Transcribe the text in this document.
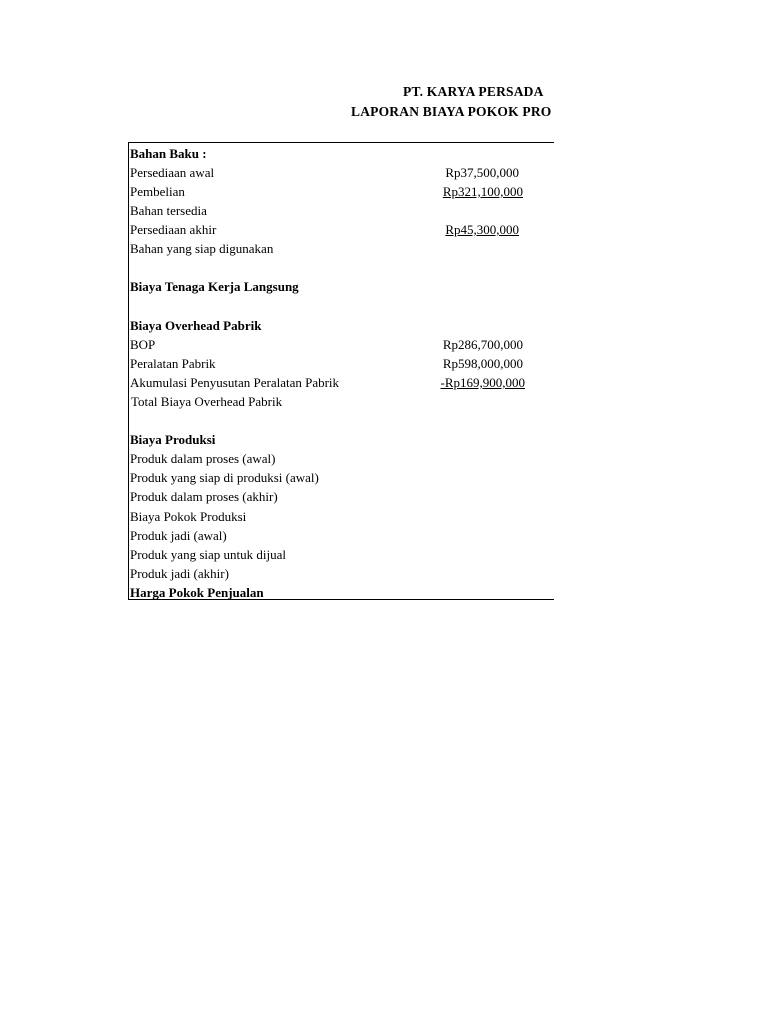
PT. KARYA PERSADA
LAPORAN BIAYA POKOK PRO
Bahan Baku :
Persediaan awal	Rp37,500,000
Pembelian	Rp321,100,000
Bahan tersedia
Persediaan akhir	Rp45,300,000
Bahan yang siap digunakan
Biaya Tenaga Kerja Langsung
Biaya Overhead Pabrik
BOP	Rp286,700,000
Peralatan Pabrik	Rp598,000,000
Akumulasi Penyusutan Peralatan Pabrik	-Rp169,900,000
Total Biaya Overhead Pabrik
Biaya Produksi
Produk dalam proses (awal)
Produk yang siap di produksi (awal)
Produk dalam proses (akhir)
Biaya Pokok Produksi
Produk jadi (awal)
Produk yang siap untuk dijual
Produk jadi (akhir)
Harga Pokok Penjualan
